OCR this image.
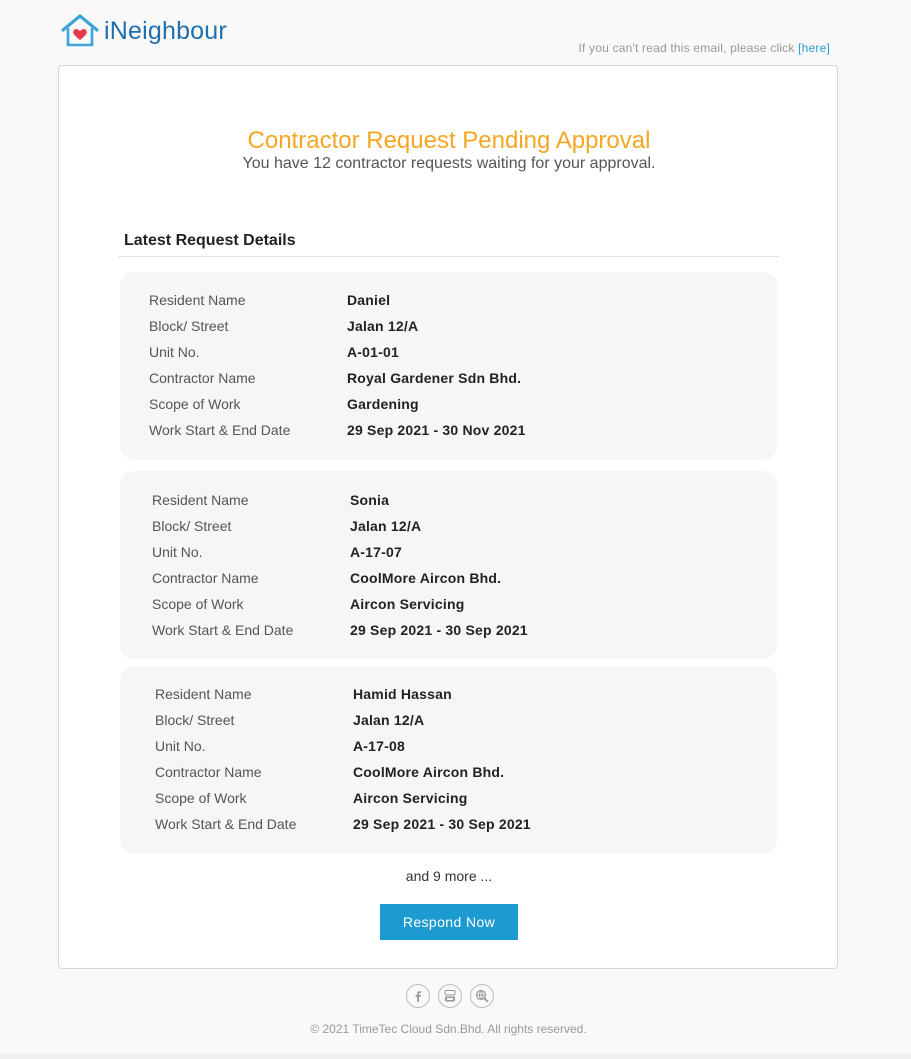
iNeighbour
If you can't read this email, please click [here]
Contractor Request Pending Approval
You have 12 contractor requests waiting for your approval.
Latest Request Details
Resident Name	Daniel
Block/ Street	Jalan 12/A
Unit No.	A-01-01
Contractor Name	Royal Gardener Sdn Bhd.
Scope of Work	Gardening
Work Start & End Date	29 Sep 2021 - 30 Nov 2021
Resident Name	Sonia
Block/ Street	Jalan 12/A
Unit No.	A-17-07
Contractor Name	CoolMore Aircon Bhd.
Scope of Work	Aircon Servicing
Work Start & End Date	29 Sep 2021 - 30 Sep 2021
Resident Name	Hamid Hassan
Block/ Street	Jalan 12/A
Unit No.	A-17-08
Contractor Name	CoolMore Aircon Bhd.
Scope of Work	Aircon Servicing
Work Start & End Date	29 Sep 2021 - 30 Sep 2021
and 9 more ...
Respond Now
© 2021 TimeTec Cloud Sdn.Bhd. All rights reserved.
